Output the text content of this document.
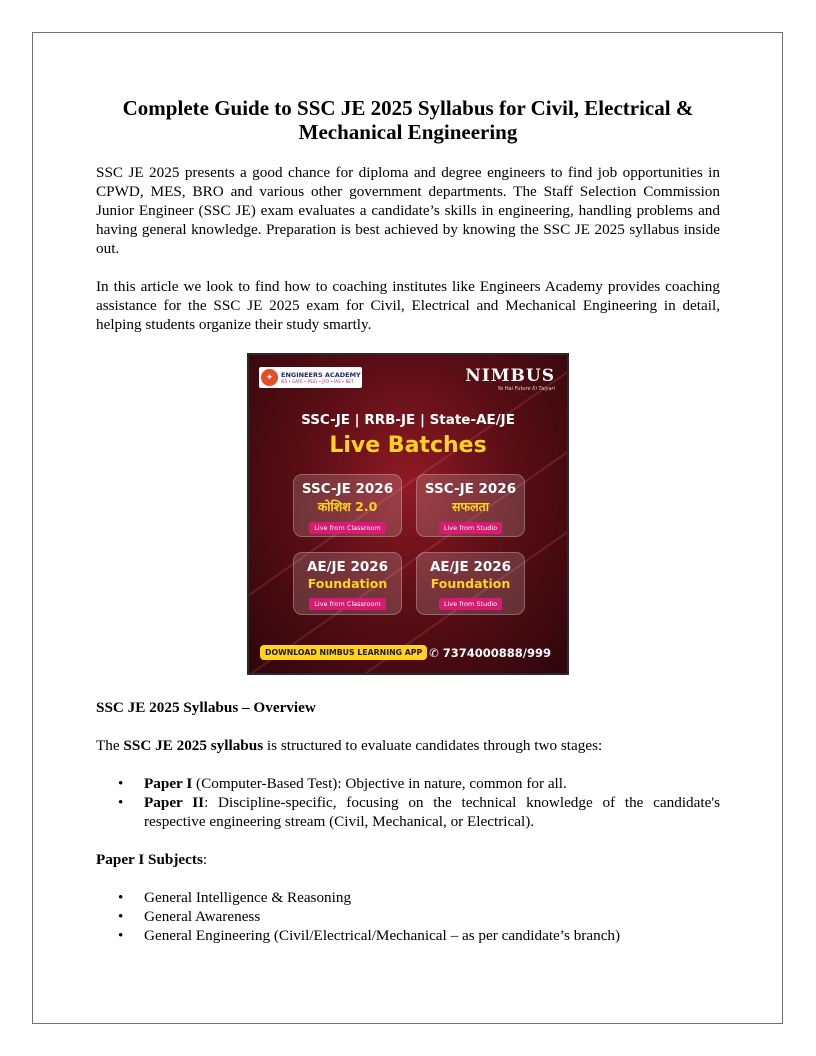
Complete Guide to SSC JE 2025 Syllabus for Civil, Electrical &
Mechanical Engineering

SSC JE 2025 presents a good chance for diploma and degree engineers to find job opportunities in CPWD, MES, BRO and various other government departments. The Staff Selection Commission Junior Engineer (SSC JE) exam evaluates a candidate’s skills in engineering, handling problems and having general knowledge. Preparation is best achieved by knowing the SSC JE 2025 syllabus inside out.

In this article we look to find how to coaching institutes like Engineers Academy provides coaching assistance for the SSC JE 2025 exam for Civil, Electrical and Mechanical Engineering in detail, helping students organize their study smartly.

✦	ENGINEERS ACADEMY
IES • GATE • PSUs • JTO • IAS • NET	NIMBUS
Ye Hai Future Ki Taiyari
SSC-JE | RRB-JE | State-AE/JE
Live Batches
SSC-JE 2026
कोशिश 2.0
Live from Classroom
SSC-JE 2026
सफलता
Live from Studio
AE/JE 2026
Foundation
Live from Classroom
AE/JE 2026
Foundation
Live from Studio
DOWNLOAD NIMBUS LEARNING APP ✆ 7374000888/999
SSC JE 2025 Syllabus – Overview

The SSC JE 2025 syllabus is structured to evaluate candidates through two stages:

• Paper I (Computer-Based Test): Objective in nature, common for all.
• Paper II: Discipline-specific, focusing on the technical knowledge of the candidate's respective engineering stream (Civil, Mechanical, or Electrical).

Paper I Subjects:

• General Intelligence & Reasoning
• General Awareness
• General Engineering (Civil/Electrical/Mechanical – as per candidate’s branch)
